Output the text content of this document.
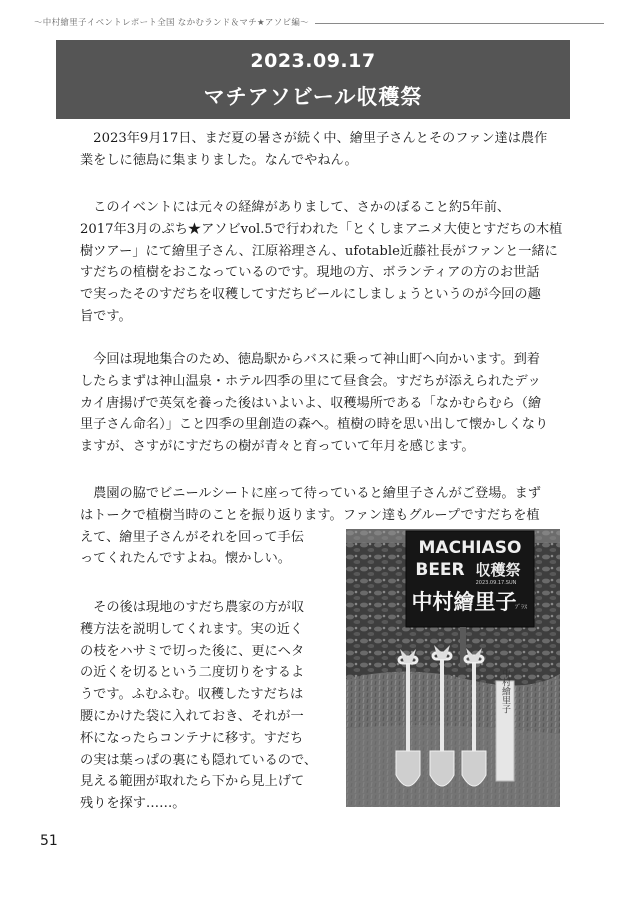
～中村繪里子イベントレポート全国 なかむランド＆マチ★アソビ編～
2023.09.17
マチアソビール収穫祭

　2023年9月17日、まだ夏の暑さが続く中、繪里子さんとそのファン達は農作
業をしに徳島に集まりました。なんでやねん。

　このイベントには元々の経緯がありまして、さかのぼること約5年前、
2017年3月のぷち★アソビvol.5で行われた「とくしまアニメ大使とすだちの木植
樹ツアー」にて繪里子さん、江原裕理さん、ufotable近藤社長がファンと一緒に
すだちの植樹をおこなっているのです。現地の方、ボランティアの方のお世話
で実ったそのすだちを収穫してすだちビールにしましょうというのが今回の趣
旨です。

　今回は現地集合のため、徳島駅からバスに乗って神山町へ向かいます。到着
したらまずは神山温泉・ホテル四季の里にて昼食会。すだちが添えられたデッ
カイ唐揚げで英気を養った後はいよいよ、収穫場所である「なかむらむら（繪
里子さん命名）」こと四季の里創造の森へ。植樹の時を思い出して懐かしくなり
ますが、さすがにすだちの樹が青々と育っていて年月を感じます。

　農園の脇でビニールシートに座って待っていると繪里子さんがご登場。まず
はトークで植樹当時のことを振り返ります。ファン達もグループですだちを植
えて、繪里子さんがそれを回って手伝
ってくれたんですよね。懐かしい。

　その後は現地のすだち農家の方が収
穫方法を説明してくれます。実の近く
の枝をハサミで切った後に、更にヘタ
の近くを切るという二度切りをするよ
うです。ふむふむ。収穫したすだちは
腰にかけた袋に入れておき、それが一
杯になったらコンテナに移す。すだち
の実は葉っぱの裏にも隠れているので、
見える範囲が取れたら下から見上げて
残りを探す……。

MACHIASO
BEER 収穫祭
2023.09.17.SUN
中村繪里子
ﾌﾞﾗｽ
中村繪里子
51
